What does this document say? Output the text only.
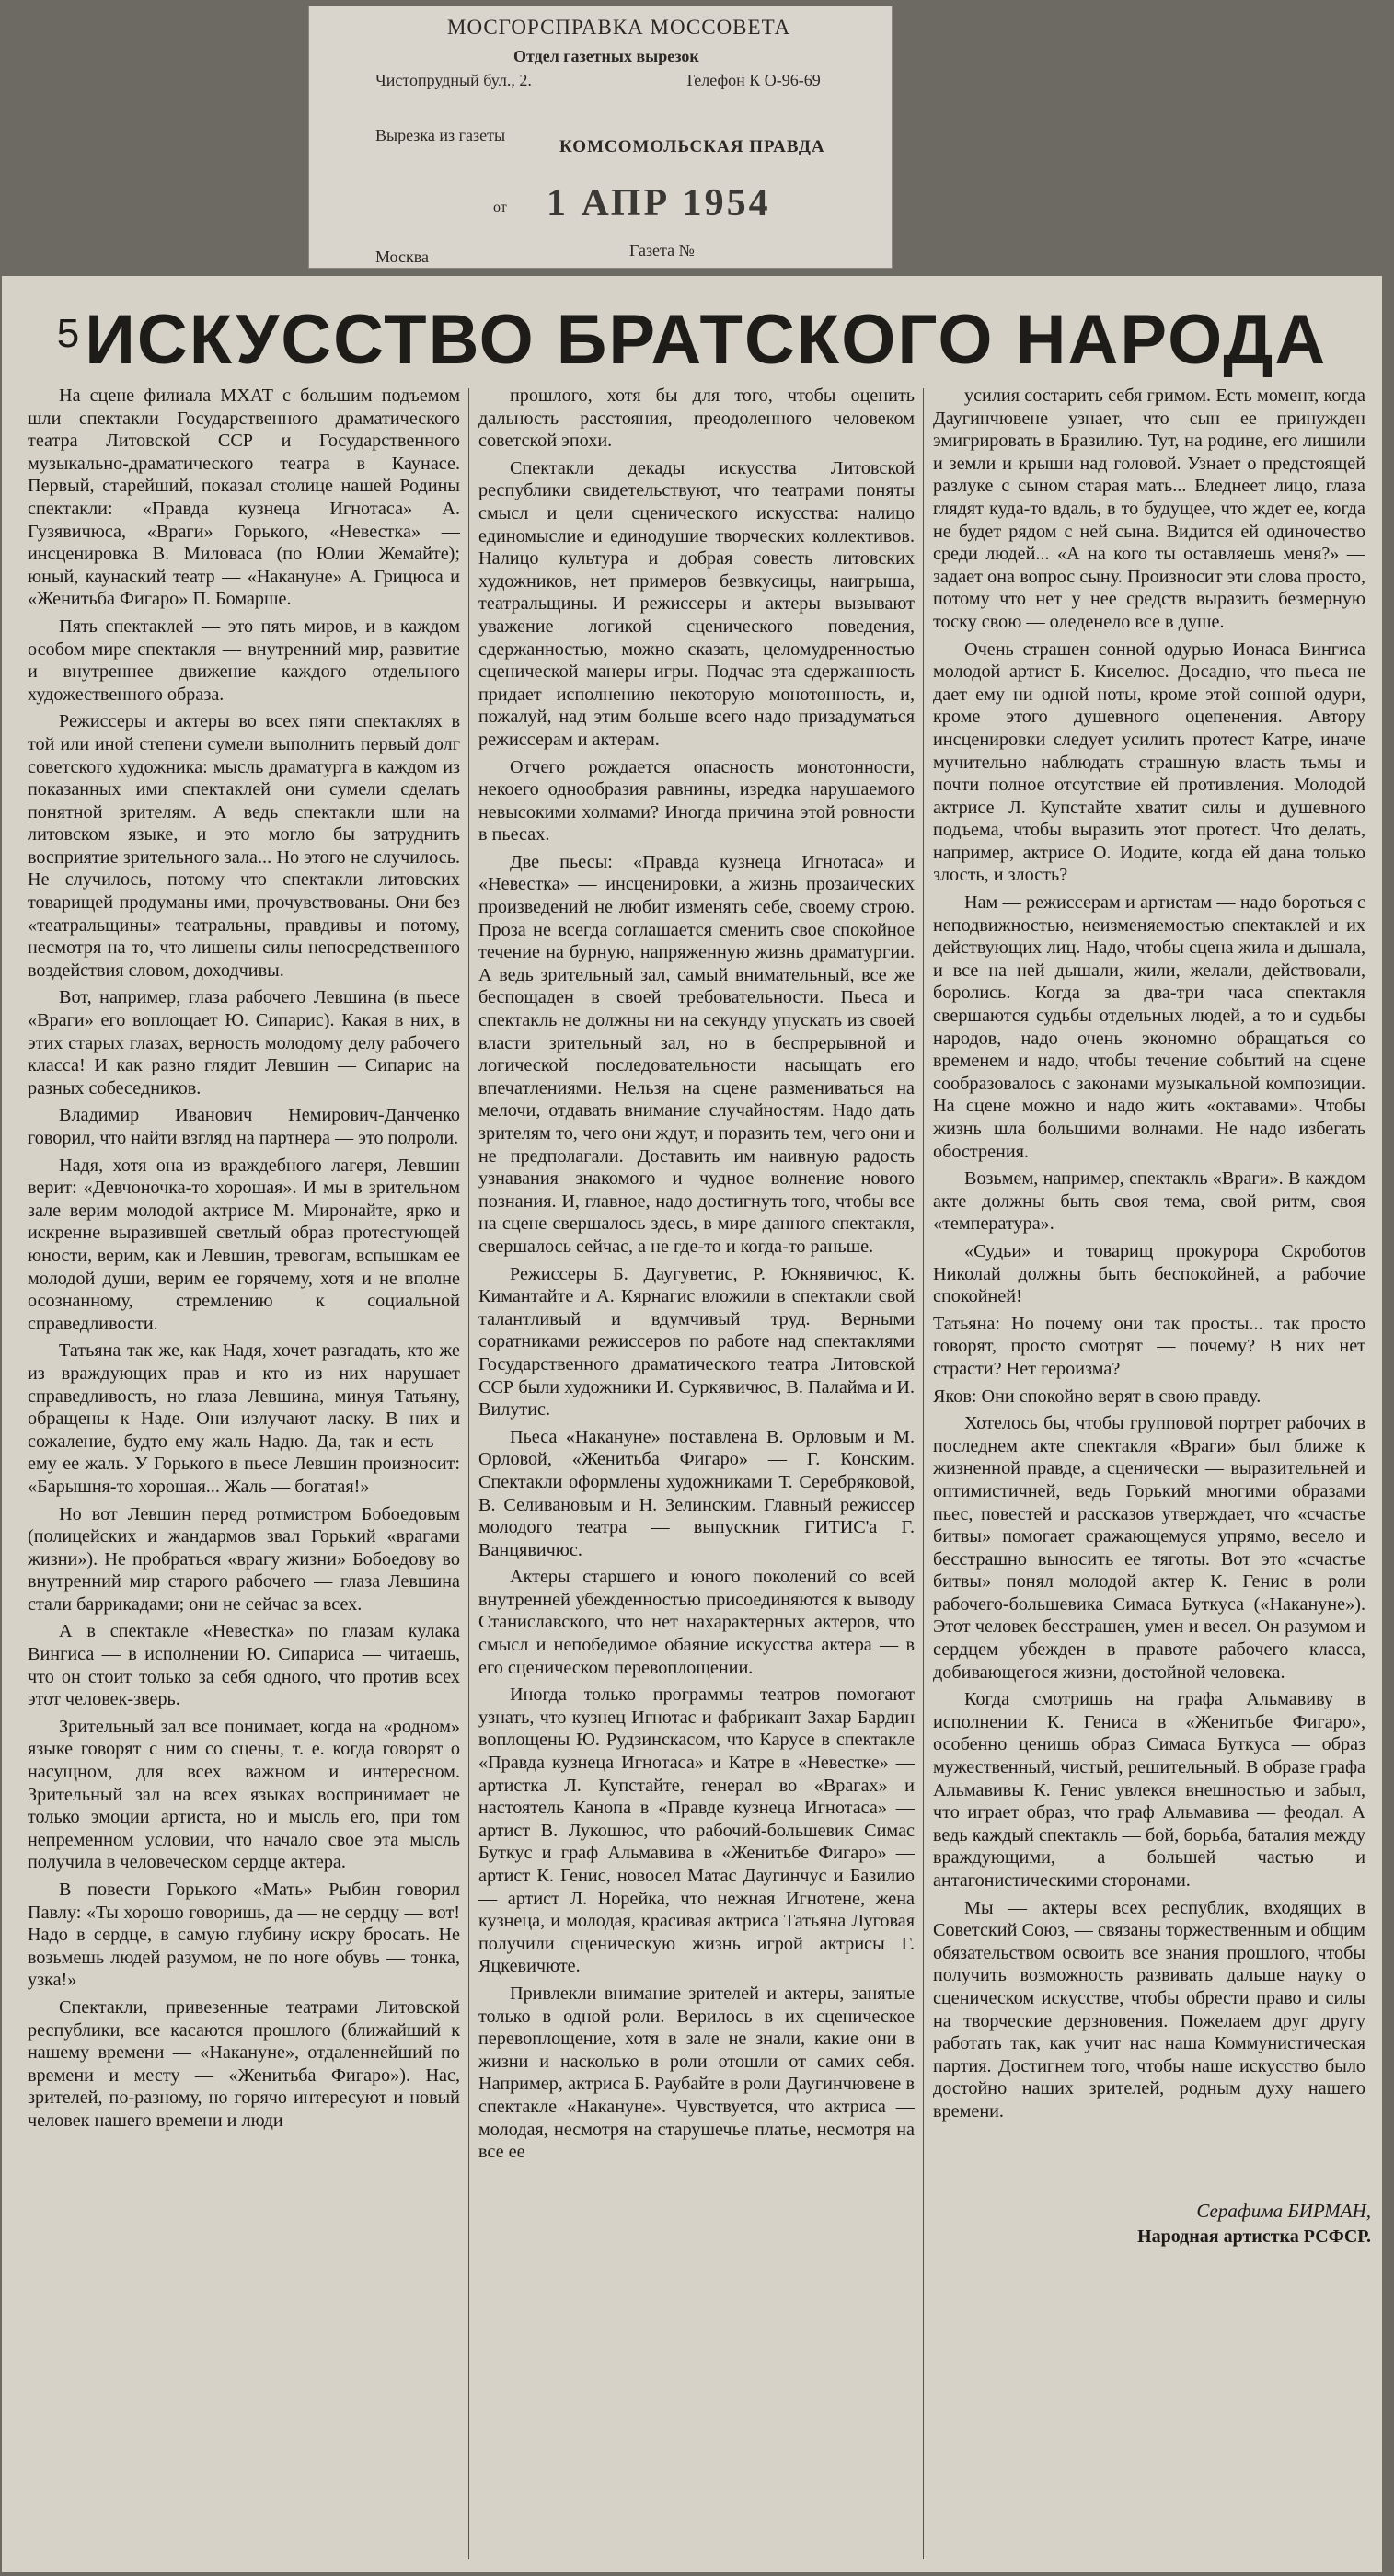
МОСГОРСПРАВКА МОССОВЕТА
Отдел газетных вырезок
Чистопрудный бул., 2.	Телефон К О-96-69
Вырезка из газеты
КОМСОМОЛЬСКАЯ ПРАВДА
от 1 АПР 1954
Москва	Газета №
$^5$ИСКУССТВО БРАТСКОГО НАРОДА

На сцене филиала МХАТ с большим подъемом шли спектакли Государственного драматического театра Литовской ССР и Государственного музыкально-драматического театра в Каунасе. Первый, старейший, показал столице нашей Родины спектакли: «Правда кузнеца Игнотаса» А. Гузявичюса, «Враги» Горького, «Невестка» — инсценировка В. Миловаса (по Юлии Жемайте); юный, каунаский театр — «Накануне» А. Грицюса и «Женитьба Фигаро» П. Бомарше.

Пять спектаклей — это пять миров, и в каждом особом мире спектакля — внутренний мир, развитие и внутреннее движение каждого отдельного художественного образа.

Режиссеры и актеры во всех пяти спектаклях в той или иной степени сумели выполнить первый долг советского художника: мысль драматурга в каждом из показанных ими спектаклей они сумели сделать понятной зрителям. А ведь спектакли шли на литовском языке, и это могло бы затруднить восприятие зрительного зала... Но этого не случилось. Не случилось, потому что спектакли литовских товарищей продуманы ими, прочувствованы. Они без «театральщины» театральны, правдивы и потому, несмотря на то, что лишены силы непосредственного воздействия словом, доходчивы.

Вот, например, глаза рабочего Левшина (в пьесе «Враги» его воплощает Ю. Сипарис). Какая в них, в этих старых глазах, верность молодому делу рабочего класса! И как разно глядит Левшин — Сипарис на разных собеседников.

Владимир Иванович Немирович-Данченко говорил, что найти взгляд на партнера — это полроли.

Надя, хотя она из враждебного лагеря, Левшин верит: «Девчоночка-то хорошая». И мы в зрительном зале верим молодой актрисе М. Миронайте, ярко и искренне выразившей светлый образ протестующей юности, верим, как и Левшин, тревогам, вспышкам ее молодой души, верим ее горячему, хотя и не вполне осознанному, стремлению к социальной справедливости.

Татьяна так же, как Надя, хочет разгадать, кто же из враждующих прав и кто из них нарушает справедливость, но глаза Левшина, минуя Татьяну, обращены к Наде. Они излучают ласку. В них и сожаление, будто ему жаль Надю. Да, так и есть — ему ее жаль. У Горького в пьесе Левшин произносит: «Барышня-то хорошая... Жаль — богатая!»

Но вот Левшин перед ротмистром Бобоедовым (полицейских и жандармов звал Горький «врагами жизни»). Не пробраться «врагу жизни» Бобоедову во внутренний мир старого рабочего — глаза Левшина стали баррикадами; они не сейчас за всех.

А в спектакле «Невестка» по глазам кулака Вингиса — в исполнении Ю. Сипариса — читаешь, что он стоит только за себя одного, что против всех этот человек-зверь.

Зрительный зал все понимает, когда на «родном» языке говорят с ним со сцены, т. е. когда говорят о насущном, для всех важном и интересном. Зрительный зал на всех языках воспринимает не только эмоции артиста, но и мысль его, при том непременном условии, что начало свое эта мысль получила в человеческом сердце актера.

В повести Горького «Мать» Рыбин говорил Павлу: «Ты хорошо говоришь, да — не сердцу — вот! Надо в сердце, в самую глубину искру бросать. Не возьмешь людей разумом, не по ноге обувь — тонка, узка!»

Спектакли, привезенные театрами Литовской республики, все касаются прошлого (ближайший к нашему времени — «Накануне», отдаленнейший по времени и месту — «Женитьба Фигаро»). Нас, зрителей, по-разному, но горячо интересуют и новый человек нашего времени и люди

прошлого, хотя бы для того, чтобы оценить дальность расстояния, преодоленного человеком советской эпохи.

Спектакли декады искусства Литовской республики свидетельствуют, что театрами поняты смысл и цели сценического искусства: налицо единомыслие и единодушие творческих коллективов. Налицо культура и добрая совесть литовских художников, нет примеров безвкусицы, наигрыша, театральщины. И режиссеры и актеры вызывают уважение логикой сценического поведения, сдержанностью, можно сказать, целомудренностью сценической манеры игры. Подчас эта сдержанность придает исполнению некоторую монотонность, и, пожалуй, над этим больше всего надо призадуматься режиссерам и актерам.

Отчего рождается опасность монотонности, некоего однообразия равнины, изредка нарушаемого невысокими холмами? Иногда причина этой ровности в пьесах.

Две пьесы: «Правда кузнеца Игнотаса» и «Невестка» — инсценировки, а жизнь прозаических произведений не любит изменять себе, своему строю. Проза не всегда соглашается сменить свое спокойное течение на бурную, напряженную жизнь драматургии. А ведь зрительный зал, самый внимательный, все же беспощаден в своей требовательности. Пьеса и спектакль не должны ни на секунду упускать из своей власти зрительный зал, но в беспрерывной и логической последовательности насыщать его впечатлениями. Нельзя на сцене размениваться на мелочи, отдавать внимание случайностям. Надо дать зрителям то, чего они ждут, и поразить тем, чего они и не предполагали. Доставить им наивную радость узнавания знакомого и чудное волнение нового познания. И, главное, надо достигнуть того, чтобы все на сцене свершалось здесь, в мире данного спектакля, свершалось сейчас, а не где-то и когда-то раньше.

Режиссеры Б. Даугуветис, Р. Юкнявичюс, К. Кимантайте и А. Кярнагис вложили в спектакли свой талантливый и вдумчивый труд. Верными соратниками режиссеров по работе над спектаклями Государственного драматического театра Литовской ССР были художники И. Суркявичюс, В. Палайма и И. Вилутис.

Пьеса «Накануне» поставлена В. Орловым и М. Орловой, «Женитьба Фигаро» — Г. Конским. Спектакли оформлены художниками Т. Серебряковой, В. Селивановым и Н. Зелинским. Главный режиссер молодого театра — выпускник ГИТИС'а Г. Ванцявичюс.

Актеры старшего и юного поколений со всей внутренней убежденностью присоединяются к выводу Станиславского, что нет нахарактерных актеров, что смысл и непобедимое обаяние искусства актера — в его сценическом перевоплощении.

Иногда только программы театров помогают узнать, что кузнец Игнотас и фабрикант Захар Бардин воплощены Ю. Рудзинскасом, что Карусе в спектакле «Правда кузнеца Игнотаса» и Катре в «Невестке» — артистка Л. Купстайте, генерал во «Врагах» и настоятель Канопа в «Правде кузнеца Игнотаса» — артист В. Лукошюс, что рабочий-большевик Симас Буткус и граф Альмавива в «Женитьбе Фигаро» — артист К. Генис, новосел Матас Даугинчус и Базилио — артист Л. Норейка, что нежная Игнотене, жена кузнеца, и молодая, красивая актриса Татьяна Луговая получили сценическую жизнь игрой актрисы Г. Яцкевичюте.

Привлекли внимание зрителей и актеры, занятые только в одной роли. Верилось в их сценическое перевоплощение, хотя в зале не знали, какие они в жизни и насколько в роли отошли от самих себя. Например, актриса Б. Раубайте в роли Даугинчювене в спектакле «Накануне». Чувствуется, что актриса — молодая, несмотря на старушечье платье, несмотря на все ее

усилия состарить себя гримом. Есть момент, когда Даугинчювене узнает, что сын ее принужден эмигрировать в Бразилию. Тут, на родине, его лишили и земли и крыши над головой. Узнает о предстоящей разлуке с сыном старая мать... Бледнеет лицо, глаза глядят куда-то вдаль, в то будущее, что ждет ее, когда не будет рядом с ней сына. Видится ей одиночество среди людей... «А на кого ты оставляешь меня?» — задает она вопрос сыну. Произносит эти слова просто, потому что нет у нее средств выразить безмерную тоску свою — оледенело все в душе.

Очень страшен сонной одурью Ионаса Вингиса молодой артист Б. Киселюс. Досадно, что пьеса не дает ему ни одной ноты, кроме этой сонной одури, кроме этого душевного оцепенения. Автору инсценировки следует усилить протест Катре, иначе мучительно наблюдать страшную власть тьмы и почти полное отсутствие ей противления. Молодой актрисе Л. Купстайте хватит силы и душевного подъема, чтобы выразить этот протест. Что делать, например, актрисе О. Иодите, когда ей дана только злость, и злость?

Нам — режиссерам и артистам — надо бороться с неподвижностью, неизменяемостью спектаклей и их действующих лиц. Надо, чтобы сцена жила и дышала, и все на ней дышали, жили, желали, действовали, боролись. Когда за два-три часа спектакля свершаются судьбы отдельных людей, а то и судьбы народов, надо очень экономно обращаться со временем и надо, чтобы течение событий на сцене сообразовалось с законами музыкальной композиции. На сцене можно и надо жить «октавами». Чтобы жизнь шла большими волнами. Не надо избегать обострения.

Возьмем, например, спектакль «Враги». В каждом акте должны быть своя тема, свой ритм, своя «температура».

«Судьи» и товарищ прокурора Скроботов Николай должны быть беспокойней, а рабочие спокойней!

Татьяна: Но почему они так просты... так просто говорят, просто смотрят — почему? В них нет страсти? Нет героизма?

Яков: Они спокойно верят в свою правду.

Хотелось бы, чтобы групповой портрет рабочих в последнем акте спектакля «Враги» был ближе к жизненной правде, а сценически — выразительней и оптимистичней, ведь Горький многими образами пьес, повестей и рассказов утверждает, что «счастье битвы» помогает сражающемуся упрямо, весело и бесстрашно выносить ее тяготы. Вот это «счастье битвы» понял молодой актер К. Генис в роли рабочего-большевика Симаса Буткуса («Накануне»). Этот человек бесстрашен, умен и весел. Он разумом и сердцем убежден в правоте рабочего класса, добивающегося жизни, достойной человека.

Когда смотришь на графа Альмавиву в исполнении К. Гениса в «Женитьбе Фигаро», особенно ценишь образ Симаса Буткуса — образ мужественный, чистый, решительный. В образе графа Альмавивы К. Генис увлекся внешностью и забыл, что играет образ, что граф Альмавива — феодал. А ведь каждый спектакль — бой, борьба, баталия между враждующими, а большей частью и антагонистическими сторонами.

Мы — актеры всех республик, входящих в Советский Союз, — связаны торжественным и общим обязательством освоить все знания прошлого, чтобы получить возможность развивать дальше науку о сценическом искусстве, чтобы обрести право и силы на творческие дерзновения. Пожелаем друг другу работать так, как учит нас наша Коммунистическая партия. Достигнем того, чтобы наше искусство было достойно наших зрителей, родным духу нашего времени.

Серафима БИРМАН,
Народная артистка РСФСР.
